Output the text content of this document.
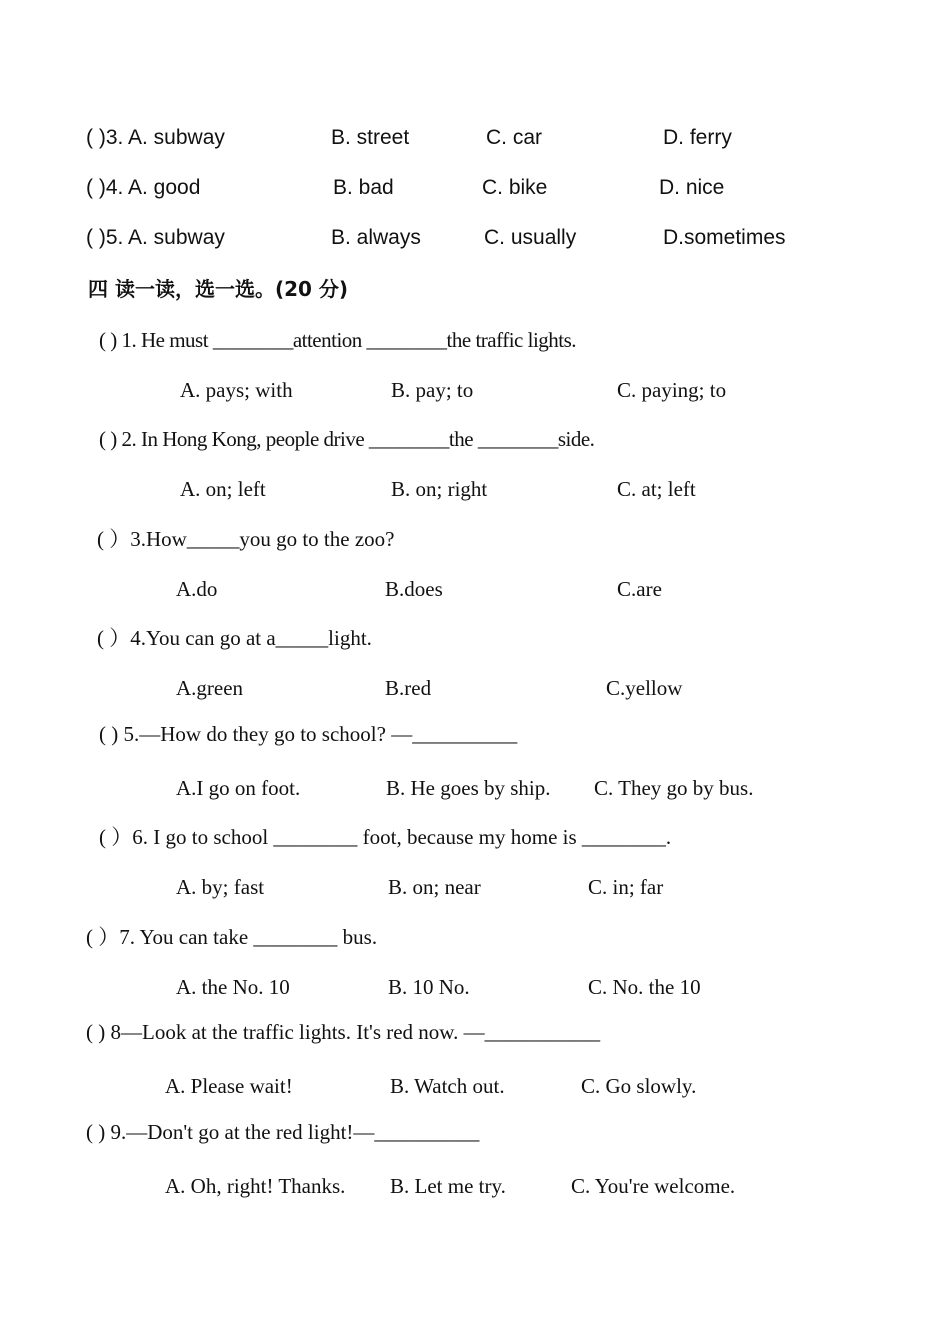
( )3. A. subway	B. street	C. car	D. ferry
( )4. A. good	B. bad	C. bike	D. nice
( )5. A. subway	B. always	C. usually	D.sometimes
四 读一读，选一选。(20 分)
( ) 1. He must ________attention ________the traffic lights.
A. pays; with	B. pay; to	C. paying; to
( ) 2. In Hong Kong, people drive ________the ________side.
A. on; left	B. on; right	C. at; left
( ）3.How_____you go to the zoo?
A.do	B.does	C.are
( ）4.You can go at a_____light.
A.green	B.red	C.yellow
( ) 5.—How do they go to school? —__________
A.I go on foot.	B. He goes by ship. C. They go by bus.
( ）6. I go to school ________ foot, because my home is ________.
A. by; fast	B. on; near	C. in; far
( ）7. You can take ________ bus.
A. the No. 10	B. 10 No.	C. No. the 10
( ) 8—Look at the traffic lights. It's red now. —___________
A. Please wait!	B. Watch out.	C. Go slowly.
( ) 9.—Don't go at the red light!—__________
A. Oh, right! Thanks. B. Let me try.	C. You're welcome.
